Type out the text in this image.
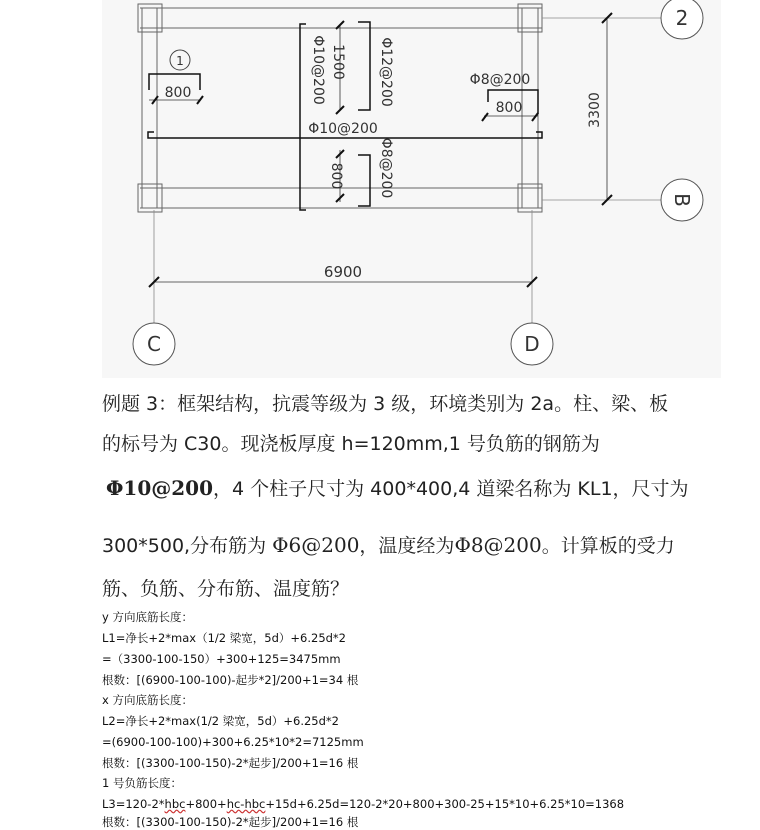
2
B
C	D
1
800
800
Φ8@200
Φ10@200 1500 Φ12@200
Φ10@200
800 Φ8@200
3300
6900
例题 3：框架结构，抗震等级为 3 级，环境类别为 2a。柱、梁、板
的标号为 C30。现浇板厚度 h=120mm,1 号负筋的钢筋为
Φ10@200，4 个柱子尺寸为 400*400,4 道梁名称为 KL1，尺寸为
300*500,分布筋为 Φ6@200，温度经为Φ8@200。计算板的受力
筋、负筋、分布筋、温度筋？
y 方向底筋长度：
L1=净长+2*max（1/2 梁宽，5d）+6.25d*2
=（3300-100-150）+300+125=3475mm
根数：[(6900-100-100)-起步*2]/200+1=34 根
x 方向底筋长度：
L2=净长+2*max(1/2 梁宽，5d）+6.25d*2
=(6900-100-100)+300+6.25*10*2=7125mm
根数：[(3300-100-150)-2*起步]/200+1=16 根
1 号负筋长度：
L3=120-2*hbc+800+hc-hbc+15d+6.25d=120-2*20+800+300-25+15*10+6.25*10=1368
根数：[(3300-100-150)-2*起步]/200+1=16 根
